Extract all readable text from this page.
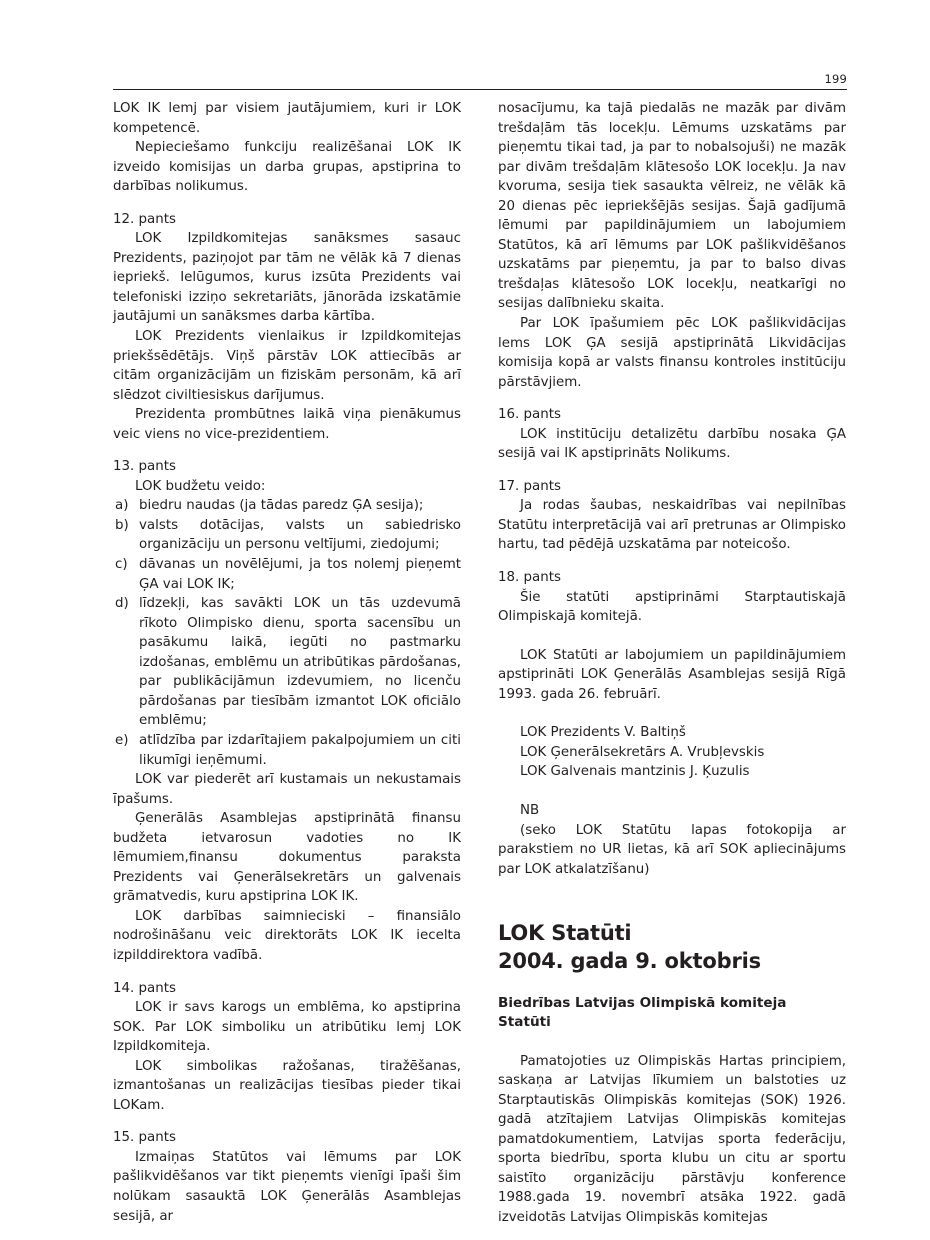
199

LOK IK lemj par visiem jautājumiem, kuri ir LOK kompetencē.

Nepieciešamo funkciju realizēšanai LOK IK izveido komisijas un darba grupas, apstiprina to darbības nolikumus.

12. pants

LOK Izpildkomitejas sanāksmes sasauc Prezidents, paziņojot par tām ne vēlāk kā 7 dienas iepriekš. Ielūgumos, kurus izsūta Prezidents vai telefoniski izziņo sekretariāts, jānorāda izskatāmie jautājumi un sanāksmes darba kārtība.

LOK Prezidents vienlaikus ir Izpildkomitejas priekšsēdētājs. Viņš pārstāv LOK attiecībās ar citām organizācijām un fiziskām personām, kā arī slēdzot civiltiesiskus darījumus.

Prezidenta prombūtnes laikā viņa pienākumus veic viens no vice-prezidentiem.

13. pants

LOK budžetu veido:

a) biedru naudas (ja tādas paredz ĢA sesija);
b) valsts dotācijas, valsts un sabiedrisko organizāciju un personu veltījumi, ziedojumi;
c) dāvanas un novēlējumi, ja tos nolemj pieņemt ĢA vai LOK IK;
d) līdzekļi, kas savākti LOK un tās uzdevumā rīkoto Olimpisko dienu, sporta sacensību un pasākumu laikā, iegūti no pastmarku izdošanas, emblēmu un atribūtikas pārdošanas, par publikācijāmun izdevumiem, no licenču pārdošanas par tiesībām izmantot LOK oficiālo emblēmu;
e) atlīdzība par izdarītajiem pakalpojumiem un citi likumīgi ieņēmumi.

LOK var piederēt arī kustamais un nekustamais īpašums.

Ģenerālās Asamblejas apstiprinātā finansu budžeta ietvarosun vadoties no IK lēmumiem,finansu dokumentus paraksta Prezidents vai Ģenerālsekretārs un galvenais grāmatvedis, kuru apstiprina LOK IK.

LOK darbības saimnieciski – finansiālo nodrošināšanu veic direktorāts LOK IK iecelta izpilddirektora vadībā.

14. pants

LOK ir savs karogs un emblēma, ko apstiprina SOK. Par LOK simboliku un atribūtiku lemj LOK Izpildkomiteja.

LOK simbolikas ražošanas, tiražēšanas, izmantošanas un realizācijas tiesības pieder tikai LOKam.

15. pants

Izmaiņas Statūtos vai lēmums par LOK pašlikvidēšanos var tikt pieņemts vienīgi īpaši šim nolūkam sasauktā LOK Ģenerālās Asamblejas sesijā, ar

nosacījumu, ka tajā piedalās ne mazāk par divām trešdaļām tās locekļu. Lēmums uzskatāms par pieņemtu tikai tad, ja par to nobalsojuši) ne mazāk par divām trešdaļām klātesošo LOK locekļu. Ja nav kvoruma, sesija tiek sasaukta vēlreiz, ne vēlāk kā 20 dienas pēc iepriekšējās sesijas. Šajā gadījumā lēmumi par papildinājumiem un labojumiem Statūtos, kā arī lēmums par LOK pašlikvidēšanos uzskatāms par pieņemtu, ja par to balso divas trešdaļas klātesošo LOK locekļu, neatkarīgi no sesijas dalībnieku skaita.

Par LOK īpašumiem pēc LOK pašlikvidācijas lems LOK ĢA sesijā apstiprinātā Likvidācijas komisija kopā ar valsts finansu kontroles institūciju pārstāvjiem.

16. pants

LOK institūciju detalizētu darbību nosaka ĢA sesijā vai IK apstiprināts Nolikums.

17. pants

Ja rodas šaubas, neskaidrības vai nepilnības Statūtu interpretācijā vai arī pretrunas ar Olimpisko hartu, tad pēdējā uzskatāma par noteicošo.

18. pants

Šie statūti apstiprināmi Starptautiskajā Olimpiskajā komitejā.

LOK Statūti ar labojumiem un papildinājumiem apstiprināti LOK Ģenerālās Asamblejas sesijā Rīgā 1993. gada 26. februārī.

LOK Prezidents V. Baltiņš
LOK Ģenerālsekretārs A. Vrubļevskis
LOK Galvenais mantzinis J. Ķuzulis
NB

(seko LOK Statūtu lapas fotokopija ar parakstiem no UR lietas, kā arī SOK apliecinājums par LOK atkalatzīšanu)

LOK Statūti
2004. gada 9. oktobris
Biedrības Latvijas Olimpiskā komiteja
Statūti

Pamatojoties uz Olimpiskās Hartas principiem, saskaņa ar Latvijas līkumiem un balstoties uz Starptautiskās Olimpiskās komitejas (SOK) 1926. gadā atzītajiem Latvijas Olimpiskās komitejas pamatdokumentiem, Latvijas sporta federāciju, sporta biedrību, sporta klubu un citu ar sportu saistīto organizāciju pārstāvju konference 1988.gada 19. novembrī atsāka 1922. gadā izveidotās Latvijas Olimpiskās komitejas
